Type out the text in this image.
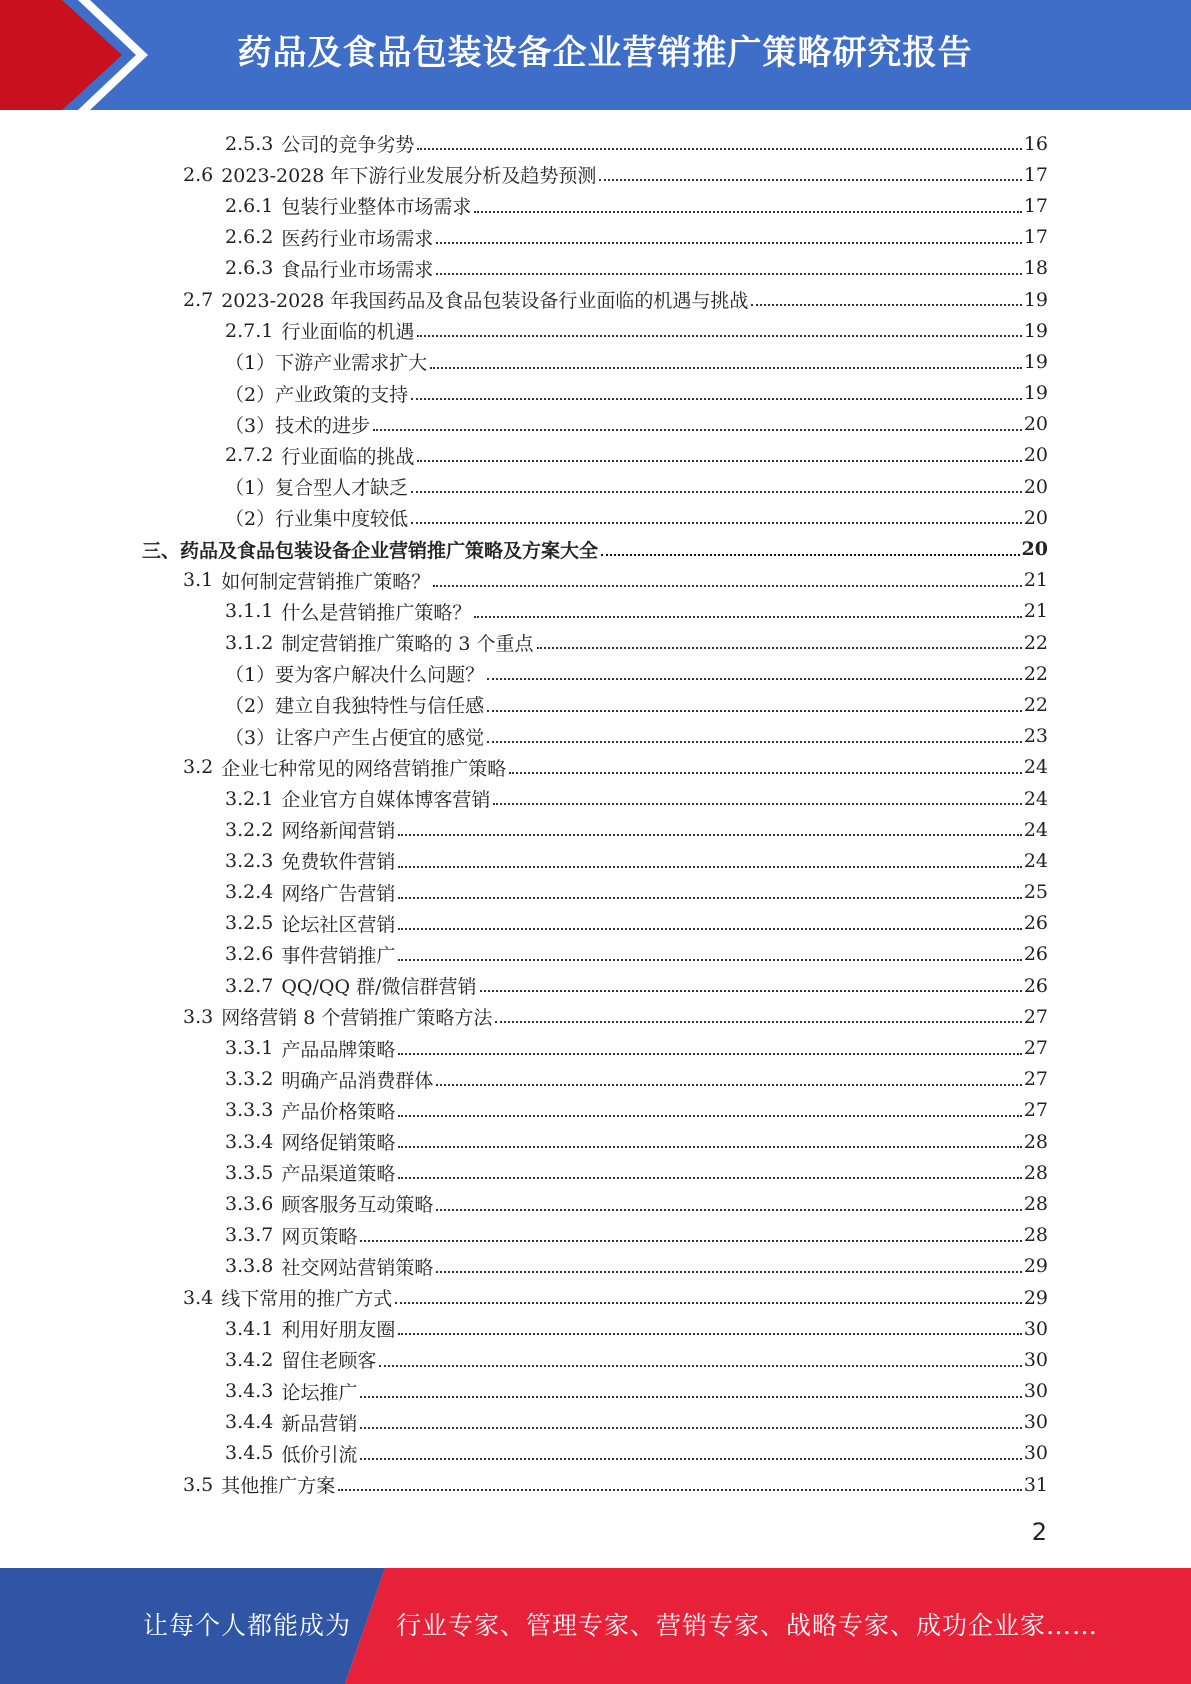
药品及食品包装设备企业营销推广策略研究报告
2.5.3 公司的竞争劣势	16
2.6 2023-2028 年下游行业发展分析及趋势预测	17
2.6.1 包装行业整体市场需求	17
2.6.2 医药行业市场需求	17
2.6.3 食品行业市场需求	18
2.7 2023-2028 年我国药品及食品包装设备行业面临的机遇与挑战	19
2.7.1 行业面临的机遇	19
（1） 下游产业需求扩大	19
（2） 产业政策的支持	19
（3） 技术的进步	20
2.7.2 行业面临的挑战	20
（1） 复合型人才缺乏	20
（2） 行业集中度较低	20
三、 药品及食品包装设备企业营销推广策略及方案大全	20
3.1 如何制定营销推广策略？	21
3.1.1 什么是营销推广策略？	21
3.1.2 制定营销推广策略的 3 个重点	22
（1） 要为客户解决什么问题？	22
（2） 建立自我独特性与信任感	22
（3） 让客户产生占便宜的感觉	23
3.2 企业七种常见的网络营销推广策略	24
3.2.1 企业官方自媒体博客营销	24
3.2.2 网络新闻营销	24
3.2.3 免费软件营销	24
3.2.4 网络广告营销	25
3.2.5 论坛社区营销	26
3.2.6 事件营销推广	26
3.2.7 QQ/QQ 群/微信群营销	26
3.3 网络营销 8 个营销推广策略方法	27
3.3.1 产品品牌策略	27
3.3.2 明确产品消费群体	27
3.3.3 产品价格策略	27
3.3.4 网络促销策略	28
3.3.5 产品渠道策略	28
3.3.6 顾客服务互动策略	28
3.3.7 网页策略	28
3.3.8 社交网站营销策略	29
3.4 线下常用的推广方式	29
3.4.1 利用好朋友圈	30
3.4.2 留住老顾客	30
3.4.3 论坛推广	30
3.4.4 新品营销	30
3.4.5 低价引流	30
3.5 其他推广方案	31
2
让每个人都能成为 行业专家、管理专家、营销专家、战略专家、成功企业家……
